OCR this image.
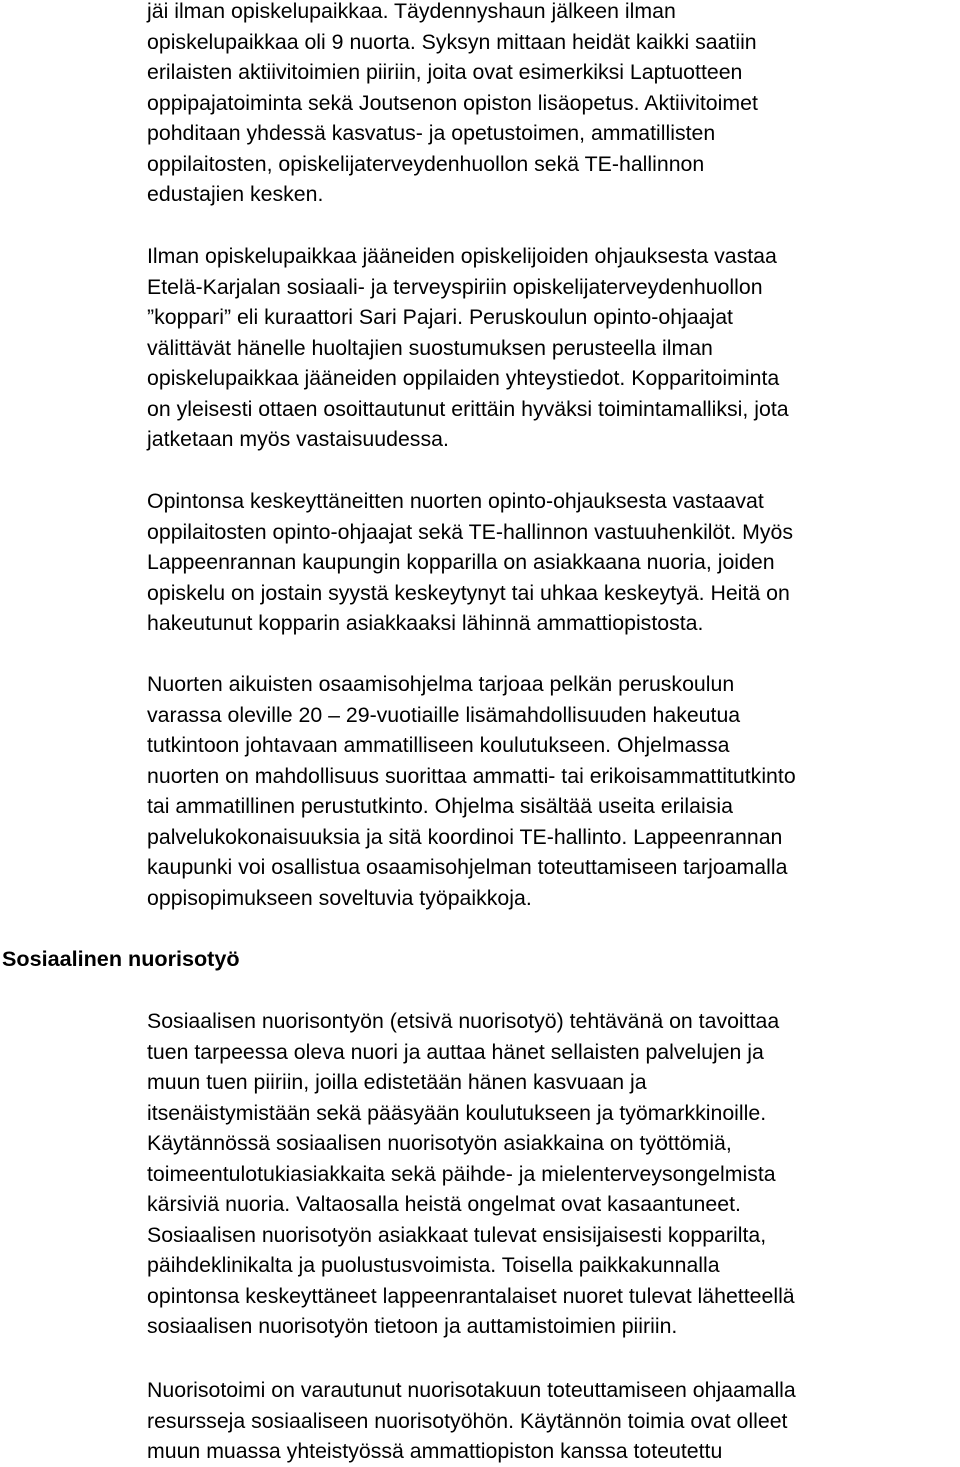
jäi ilman opiskelupaikkaa. Täydennyshaun jälkeen ilman
opiskelupaikkaa oli 9 nuorta. Syksyn mittaan heidät kaikki saatiin
erilaisten aktiivitoimien piiriin, joita ovat esimerkiksi Laptuotteen
oppipajatoiminta sekä Joutsenon opiston lisäopetus. Aktiivitoimet
pohditaan yhdessä kasvatus- ja opetustoimen, ammatillisten
oppilaitosten, opiskelijaterveydenhuollon sekä TE-hallinnon
edustajien kesken.
Ilman opiskelupaikkaa jääneiden opiskelijoiden ohjauksesta vastaa
Etelä-Karjalan sosiaali- ja terveyspiriin opiskelijaterveydenhuollon
”koppari” eli kuraattori Sari Pajari. Peruskoulun opinto-ohjaajat
välittävät hänelle huoltajien suostumuksen perusteella ilman
opiskelupaikkaa jääneiden oppilaiden yhteystiedot. Kopparitoiminta
on yleisesti ottaen osoittautunut erittäin hyväksi toimintamalliksi, jota
jatketaan myös vastaisuudessa.
Opintonsa keskeyttäneitten nuorten opinto-ohjauksesta vastaavat
oppilaitosten opinto-ohjaajat sekä TE-hallinnon vastuuhenkilöt. Myös
Lappeenrannan kaupungin kopparilla on asiakkaana nuoria, joiden
opiskelu on jostain syystä keskeytynyt tai uhkaa keskeytyä. Heitä on
hakeutunut kopparin asiakkaaksi lähinnä ammattiopistosta.
Nuorten aikuisten osaamisohjelma tarjoaa pelkän peruskoulun
varassa oleville 20 – 29-vuotiaille lisämahdollisuuden hakeutua
tutkintoon johtavaan ammatilliseen koulutukseen. Ohjelmassa
nuorten on mahdollisuus suorittaa ammatti- tai erikoisammattitutkinto
tai ammatillinen perustutkinto. Ohjelma sisältää useita erilaisia
palvelukokonaisuuksia ja sitä koordinoi TE-hallinto. Lappeenrannan
kaupunki voi osallistua osaamisohjelman toteuttamiseen tarjoamalla
oppisopimukseen soveltuvia työpaikkoja.
Sosiaalinen nuorisotyö
Sosiaalisen nuorisontyön (etsivä nuorisotyö) tehtävänä on tavoittaa
tuen tarpeessa oleva nuori ja auttaa hänet sellaisten palvelujen ja
muun tuen piiriin, joilla edistetään hänen kasvuaan ja
itsenäistymistään sekä pääsyään koulutukseen ja työmarkkinoille.
Käytännössä sosiaalisen nuorisotyön asiakkaina on työttömiä,
toimeentulotukiasiakkaita sekä päihde- ja mielenterveysongelmista
kärsiviä nuoria. Valtaosalla heistä ongelmat ovat kasaantuneet.
Sosiaalisen nuorisotyön asiakkaat tulevat ensisijaisesti kopparilta,
päihdeklinikalta ja puolustusvoimista. Toisella paikkakunnalla
opintonsa keskeyttäneet lappeenrantalaiset nuoret tulevat lähetteellä
sosiaalisen nuorisotyön tietoon ja auttamistoimien piiriin.
Nuorisotoimi on varautunut nuorisotakuun toteuttamiseen ohjaamalla
resursseja sosiaaliseen nuorisotyöhön. Käytännön toimia ovat olleet
muun muassa yhteistyössä ammattiopiston kanssa toteutettu
